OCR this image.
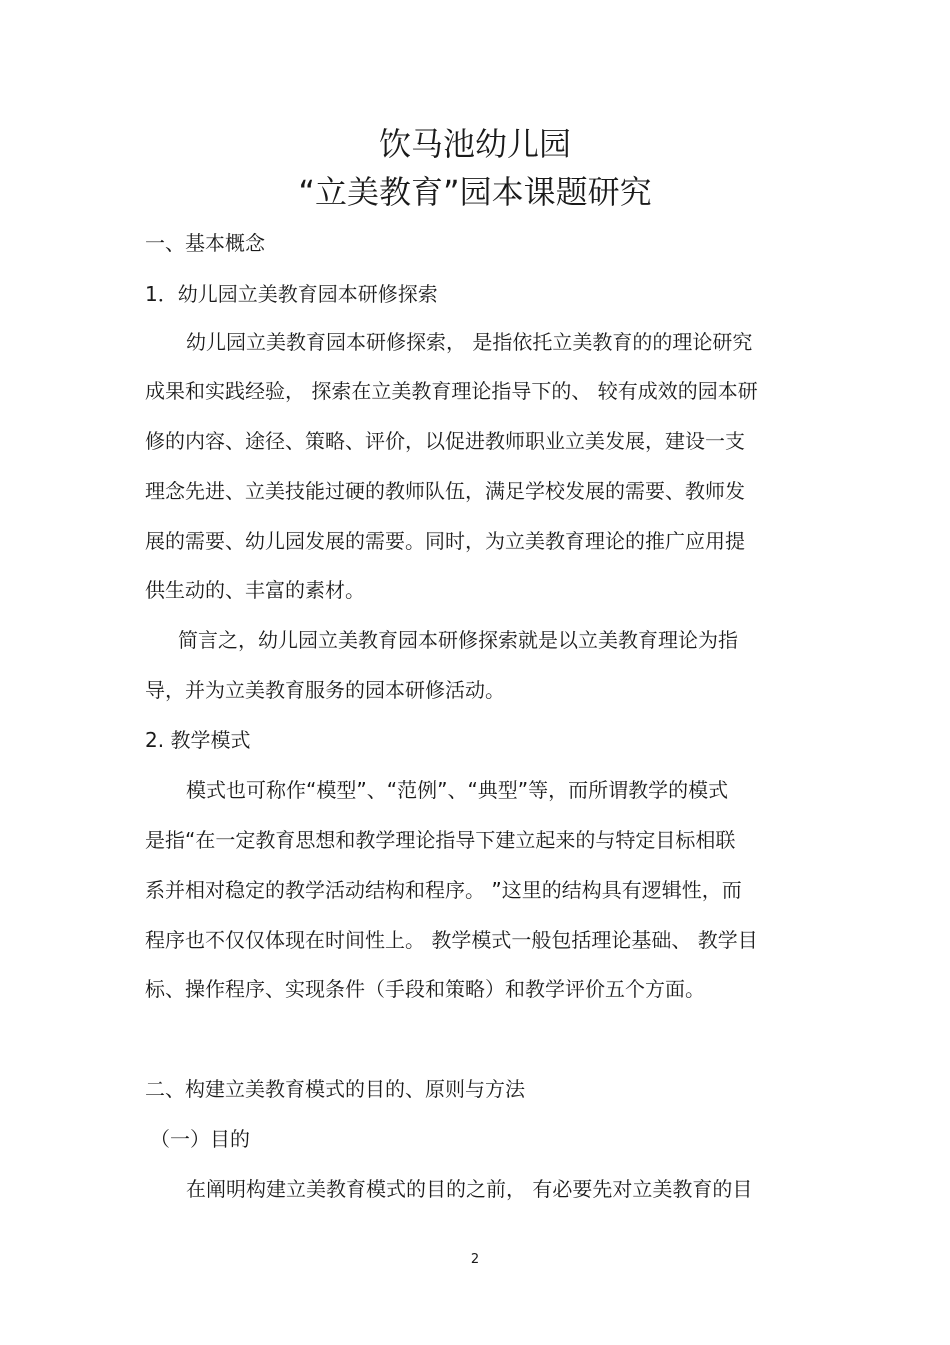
饮马池幼儿园
“立美教育”园本课题研究
一、基本概念
1．幼儿园立美教育园本研修探索
幼儿园立美教育园本研修探索， 是指依托立美教育的的理论研究
成果和实践经验， 探索在立美教育理论指导下的、 较有成效的园本研
修的内容、途径、策略、评价，以促进教师职业立美发展，建设一支
理念先进、立美技能过硬的教师队伍，满足学校发展的需要、教师发
展的需要、幼儿园发展的需要。同时，为立美教育理论的推广应用提
供生动的、丰富的素材。
简言之，幼儿园立美教育园本研修探索就是以立美教育理论为指
导，并为立美教育服务的园本研修活动。
2. 教学模式
模式也可称作“模型”、“范例”、“典型”等，而所谓教学的模式
是指“在一定教育思想和教学理论指导下建立起来的与特定目标相联
系并相对稳定的教学活动结构和程序。 ”这里的结构具有逻辑性，而
程序也不仅仅体现在时间性上。 教学模式一般包括理论基础、 教学目
标、操作程序、实现条件（手段和策略）和教学评价五个方面。
二、构建立美教育模式的目的、原则与方法
（一）目的
在阐明构建立美教育模式的目的之前， 有必要先对立美教育的目
2
